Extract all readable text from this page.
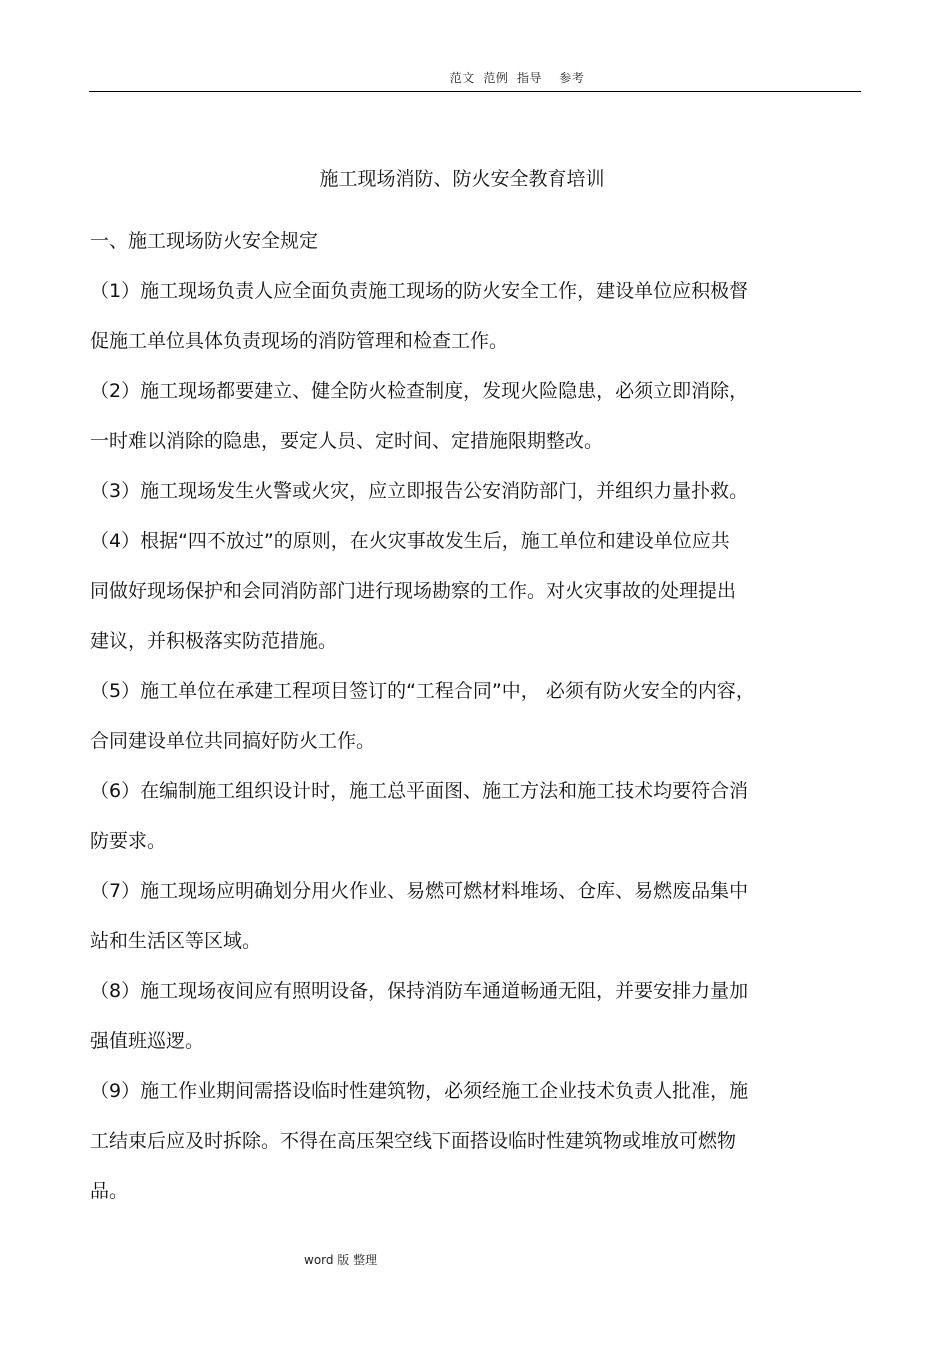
范文  范例  指导    参考
施工现场消防、防火安全教育培训
一、施工现场防火安全规定
（1）施工现场负责人应全面负责施工现场的防火安全工作，建设单位应积极督
促施工单位具体负责现场的消防管理和检查工作。
（2）施工现场都要建立、健全防火检查制度，发现火险隐患，必须立即消除，
一时难以消除的隐患，要定人员、定时间、定措施限期整改。
（3）施工现场发生火警或火灾，应立即报告公安消防部门，并组织力量扑救。
（4）根据“四不放过”的原则，在火灾事故发生后，施工单位和建设单位应共
同做好现场保护和会同消防部门进行现场勘察的工作。对火灾事故的处理提出
建议，并积极落实防范措施。
（5）施工单位在承建工程项目签订的“工程合同”中， 必须有防火安全的内容，
合同建设单位共同搞好防火工作。
（6）在编制施工组织设计时，施工总平面图、施工方法和施工技术均要符合消
防要求。
（7）施工现场应明确划分用火作业、易燃可燃材料堆场、仓库、易燃废品集中
站和生活区等区域。
（8）施工现场夜间应有照明设备，保持消防车通道畅通无阻，并要安排力量加
强值班巡逻。
（9）施工作业期间需搭设临时性建筑物，必须经施工企业技术负责人批准，施
工结束后应及时拆除。不得在高压架空线下面搭设临时性建筑物或堆放可燃物
品。
word 版 整理
